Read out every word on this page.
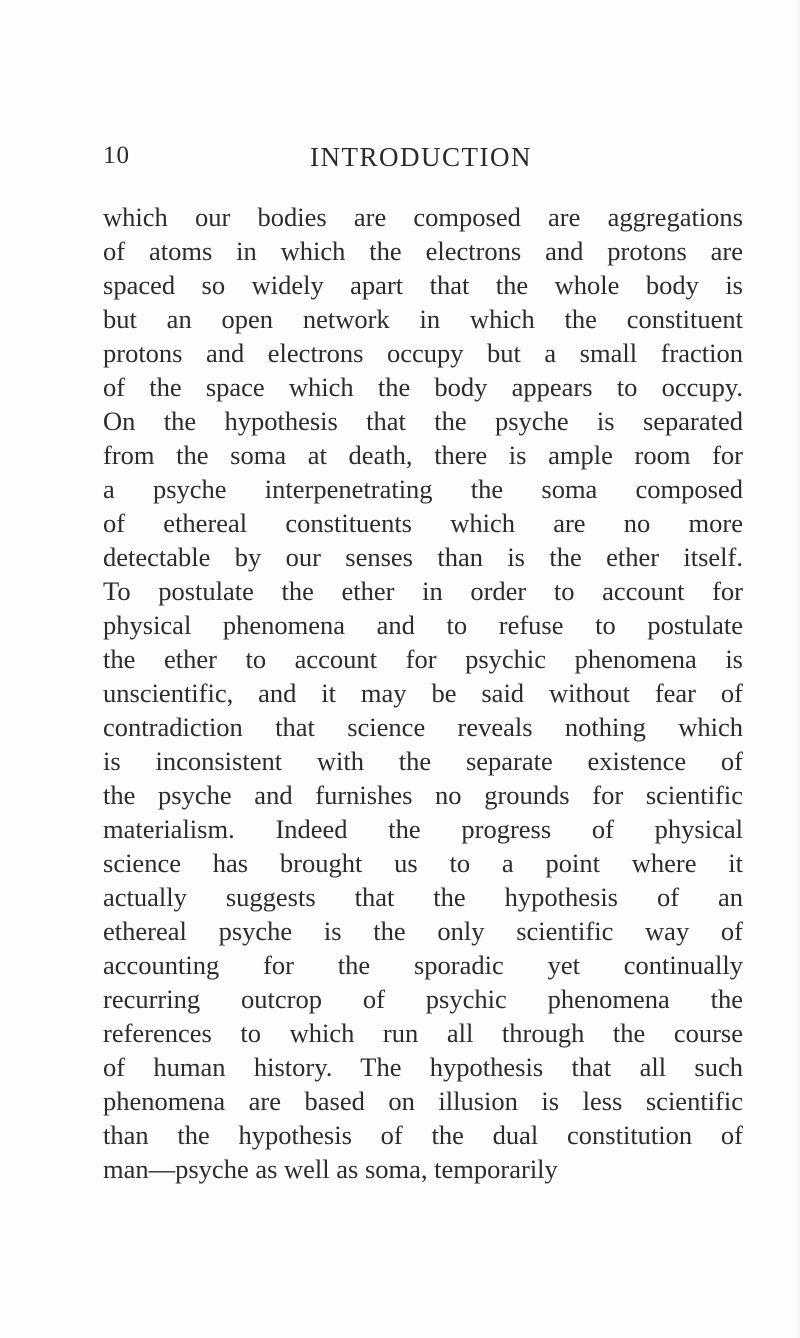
10	INTRODUCTION
which our bodies are composed are aggregations
of atoms in which the electrons and protons are
spaced so widely apart that the whole body is
but an open network in which the constituent
protons and electrons occupy but a small fraction
of the space which the body appears to occupy.
On the hypothesis that the psyche is separated
from the soma at death, there is ample room for
a psyche interpenetrating the soma composed
of ethereal constituents which are no more
detectable by our senses than is the ether itself.
To postulate the ether in order to account for
physical phenomena and to refuse to postulate
the ether to account for psychic phenomena is
unscientific, and it may be said without fear of
contradiction that science reveals nothing which
is inconsistent with the separate existence of
the psyche and furnishes no grounds for scientific
materialism. Indeed the progress of physical
science has brought us to a point where it
actually suggests that the hypothesis of an
ethereal psyche is the only scientific way of
accounting for the sporadic yet continually
recurring outcrop of psychic phenomena the
references to which run all through the course
of human history. The hypothesis that all such
phenomena are based on illusion is less scientific
than the hypothesis of the dual constitution of
man—psyche as well as soma, temporarily
